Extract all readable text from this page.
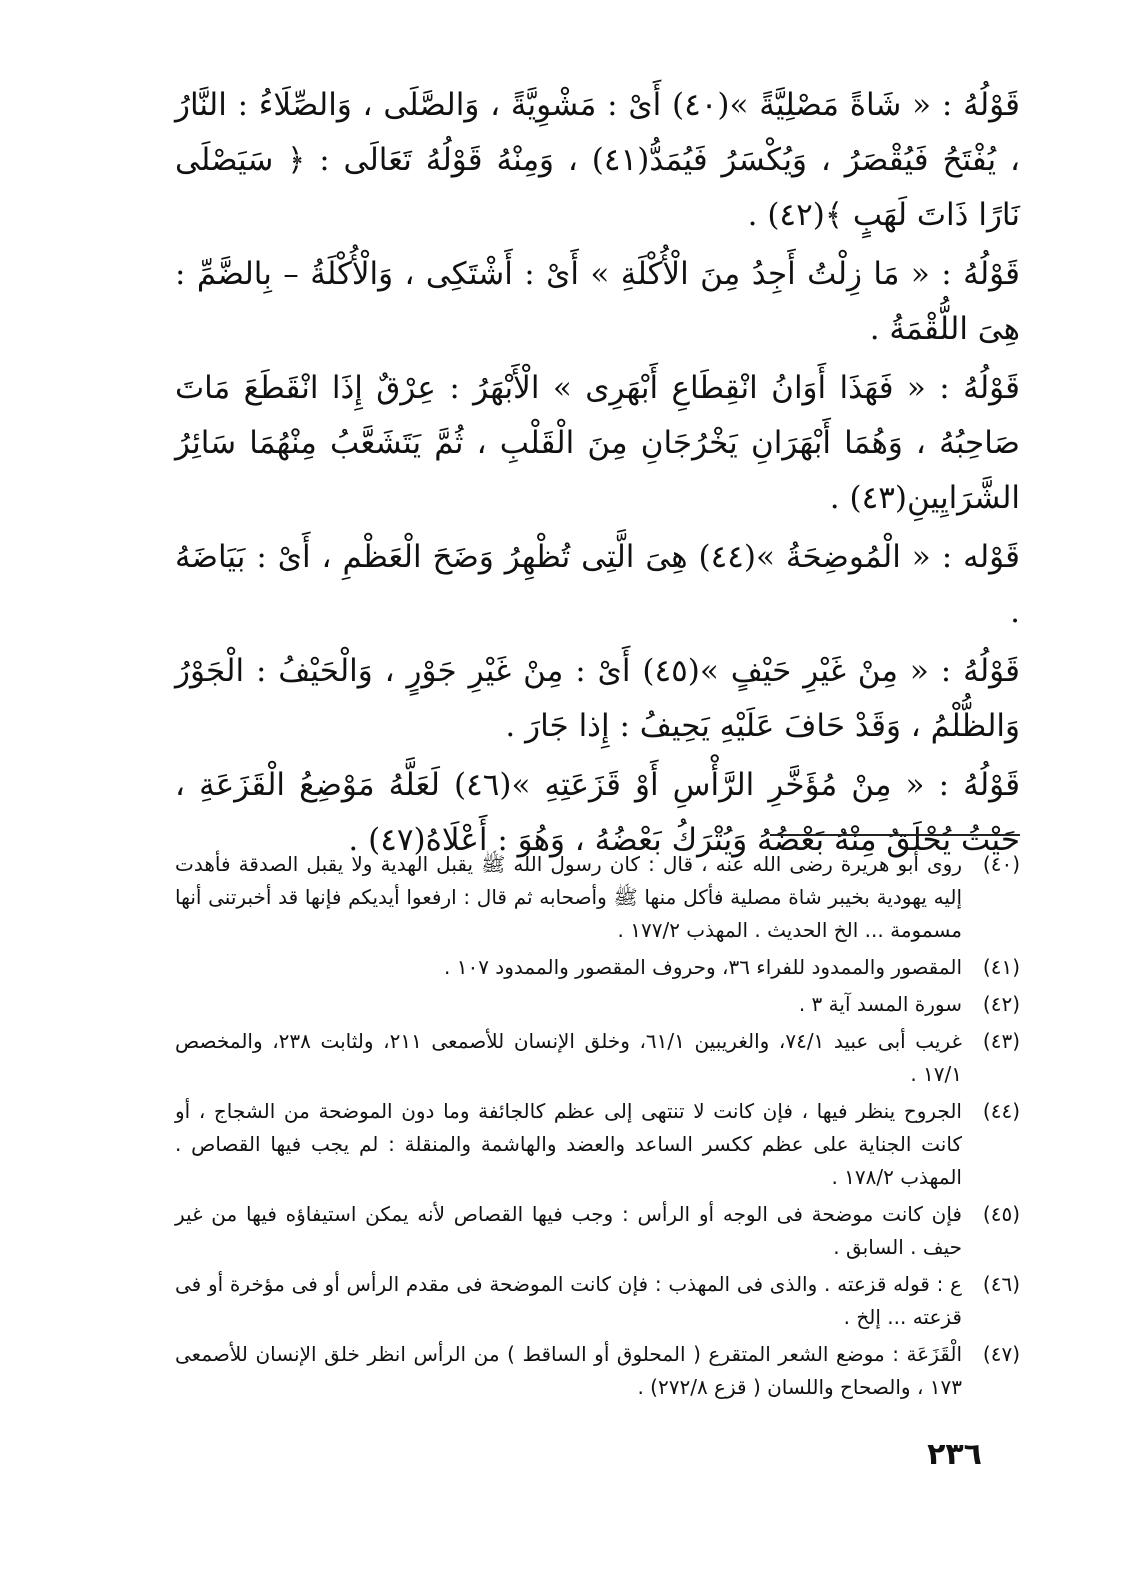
قَوْلُهُ : « شَاةً مَصْلِيَّةً »(٤٠) أَىْ : مَشْوِيَّةً ، وَالصَّلَى ، وَالصِّلَاءُ : النَّارُ ، يُفْتَحُ فَيُقْصَرُ ، وَيُكْسَرُ فَيُمَدُّ(٤١) ، وَمِنْهُ قَوْلُهُ تَعَالَى : ﴿ سَيَصْلَى نَارًا ذَاتَ لَهَبٍ ﴾(٤٢) .

قَوْلُهُ : « مَا زِلْتُ أَجِدُ مِنَ الْأُكْلَةِ » أَىْ : أَشْتَكِى ، وَالْأُكْلَةُ – بِالضَّمِّ : هِىَ اللُّقْمَةُ .

قَوْلُهُ : « فَهَذَا أَوَانُ انْقِطَاعِ أَبْهَرِى » الْأَبْهَرُ : عِرْقٌ إِذَا انْقَطَعَ مَاتَ صَاحِبُهُ ، وَهُمَا أَبْهَرَانِ يَخْرُجَانِ مِنَ الْقَلْبِ ، ثُمَّ يَتَشَعَّبُ مِنْهُمَا سَائِرُ الشَّرَايِينِ(٤٣) .

قَوْله : « الْمُوضِحَةُ »(٤٤) هِىَ الَّتِى تُظْهِرُ وَضَحَ الْعَظْمِ ، أَىْ : بَيَاضَهُ .

قَوْلُهُ : « مِنْ غَيْرِ حَيْفٍ »(٤٥) أَىْ : مِنْ غَيْرِ جَوْرٍ ، وَالْحَيْفُ : الْجَوْرُ وَالظُّلْمُ ، وَقَدْ حَافَ عَلَيْهِ يَحِيفُ : إِذا جَارَ .

قَوْلُهُ : « مِنْ مُؤَخَّرِ الرَّأْسِ أَوْ قَزَعَتِهِ »(٤٦) لَعَلَّهُ مَوْضِعُ الْقَزَعَةِ ، حَيْثُ يُحْلَقُ مِنْهُ بَعْضُهُ وَيُتْرَكُ بَعْضُهُ ، وَهُوَ : أَعْلَاهُ(٤٧) .

(٤٠)
روى أبو هريرة رضى الله عنه ، قال : كان رسول الله ﷺ يقبل الهدية ولا يقبل الصدقة فأهدت إليه يهودية بخيبر شاة مصلية فأكل منها ﷺ وأصحابه ثم قال : ارفعوا أيديكم فإنها قد أخبرتنى أنها مسمومة ... الخ الحديث . المهذب ١٧٧/٢ .
(٤١)
المقصور والممدود للفراء ٣٦، وحروف المقصور والممدود ١٠٧ .
(٤٢)
سورة المسد آية ٣ .
(٤٣)
غريب أبى عبيد ٧٤/١، والغريبين ٦١/١، وخلق الإنسان للأصمعى ٢١١، ولثابت ٢٣٨، والمخصص ١٧/١ .
(٤٤)
الجروح ينظر فيها ، فإن كانت لا تنتهى إلى عظم كالجائفة وما دون الموضحة من الشجاج ، أو كانت الجناية على عظم ككسر الساعد والعضد والهاشمة والمنقلة : لم يجب فيها القصاص . المهذب ١٧٨/٢ .
(٤٥)
فإن كانت موضحة فى الوجه أو الرأس : وجب فيها القصاص لأنه يمكن استيفاؤه فيها من غير حيف . السابق .
(٤٦)
ع : قوله قزعته . والذى فى المهذب : فإن كانت الموضحة فى مقدم الرأس أو فى مؤخرة أو فى قزعته ... إلخ .
(٤٧)
الْقَزَعَة : موضع الشعر المتقرع ( المحلوق أو الساقط ) من الرأس انظر خلق الإنسان للأصمعى ١٧٣ ، والصحاح واللسان ( قزع ٢٧٢/٨) .
٢٣٦
